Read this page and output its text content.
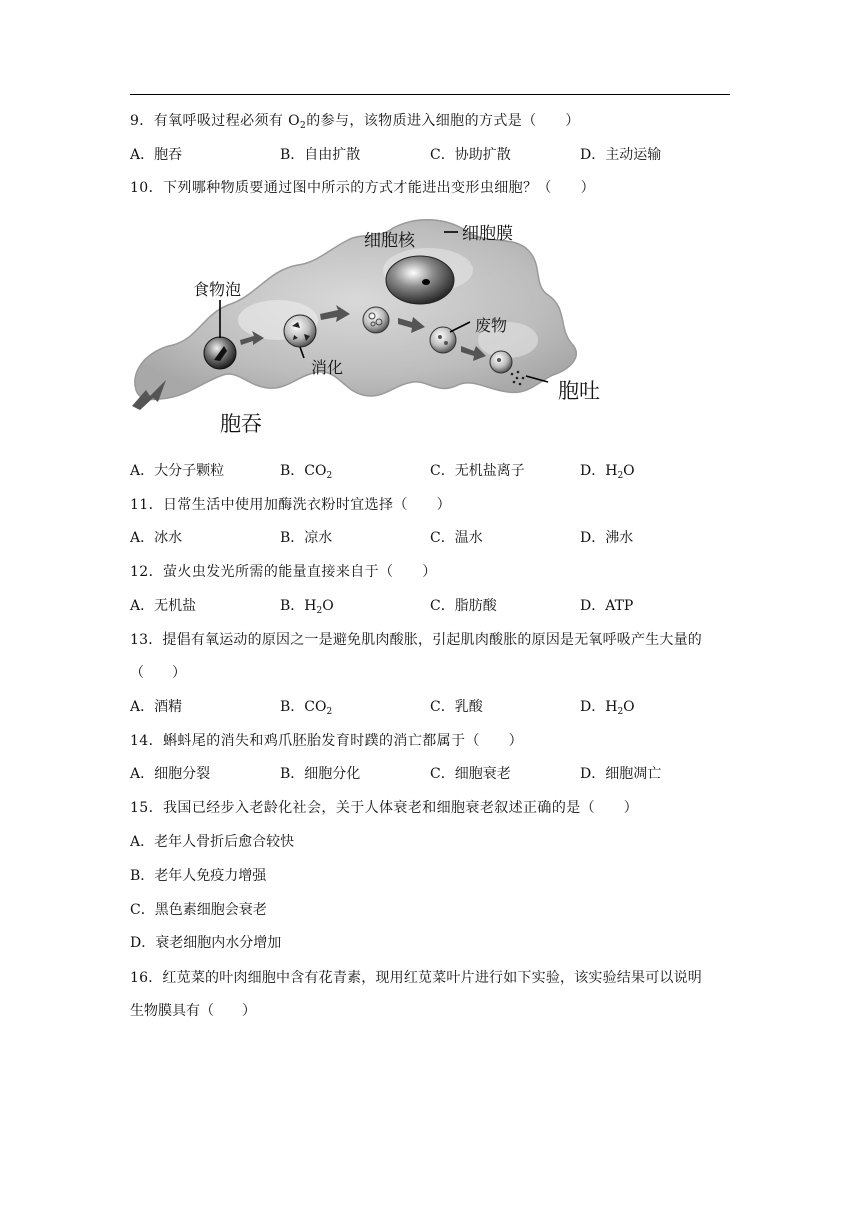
9．有氧呼吸过程必须有 $O_2$的参与，该物质进入细胞的方式是（　　）
A．胞吞	B．自由扩散	C．协助扩散	D．主动运输
10．下列哪种物质要通过图中所示的方式才能进出变形虫细胞？（　　）
细胞核	细胞膜
食物泡
消化
废物
胞吞
胞吐
A．大分子颗粒	B．$CO_2$	C．无机盐离子	D．$H_2O$
11．日常生活中使用加酶洗衣粉时宜选择（　　）
A．冰水	B．凉水	C．温水	D．沸水
12．萤火虫发光所需的能量直接来自于（　　）
A．无机盐	B．$H_2O$	C．脂肪酸	D．ATP
13．提倡有氧运动的原因之一是避免肌肉酸胀，引起肌肉酸胀的原因是无氧呼吸产生大量的
（　　）
A．酒精	B．$CO_2$	C．乳酸	D．$H_2O$
14．蝌蚪尾的消失和鸡爪胚胎发育时蹼的消亡都属于（　　）
A．细胞分裂	B．细胞分化	C．细胞衰老	D．细胞凋亡
15．我国已经步入老龄化社会，关于人体衰老和细胞衰老叙述正确的是（　　）
A．老年人骨折后愈合较快
B．老年人免疫力增强
C．黑色素细胞会衰老
D．衰老细胞内水分增加
16．红苋菜的叶肉细胞中含有花青素，现用红苋菜叶片进行如下实验，该实验结果可以说明
生物膜具有（　　）
